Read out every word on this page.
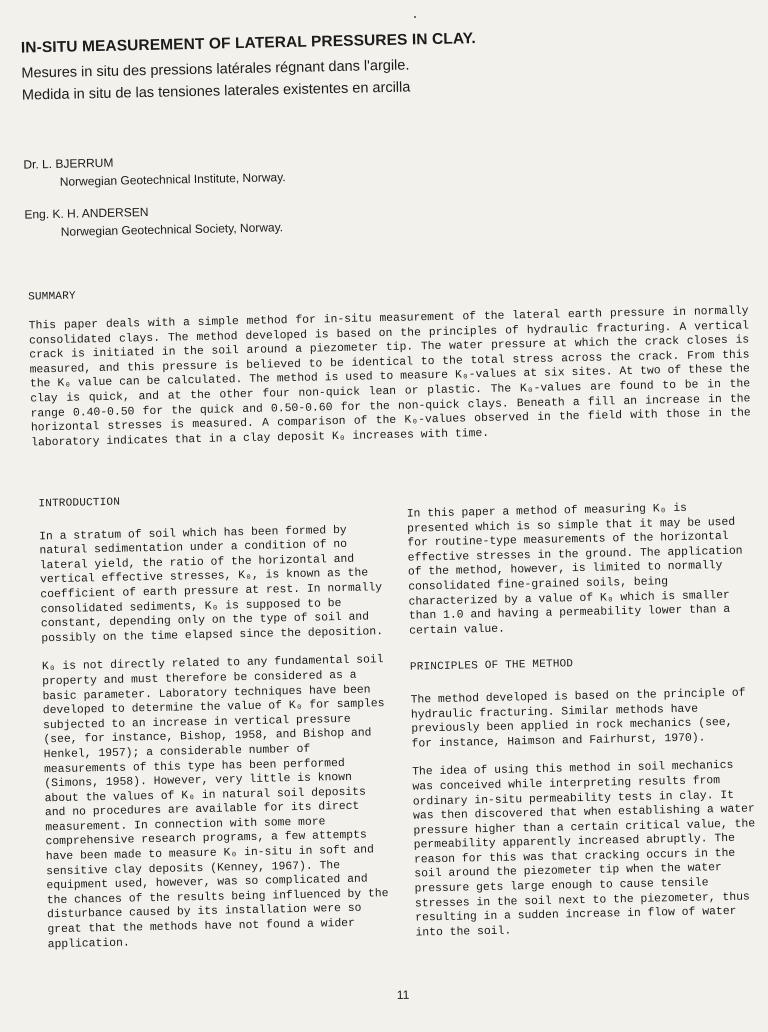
IN-SITU MEASUREMENT OF LATERAL PRESSURES IN CLAY.
Mesures in situ des pressions latérales régnant dans l'argile.
Medida in situ de las tensiones laterales existentes en arcilla
Dr. L. BJERRUM
Norwegian Geotechnical Institute, Norway.
Eng. K. H. ANDERSEN
Norwegian Geotechnical Society, Norway.
SUMMARY

This paper deals with a simple method for in-situ measurement of the lateral earth pressure in normally consolidated clays. The method developed is based on the principles of hydraulic fracturing. A vertical crack is initiated in the soil around a piezometer tip. The water pressure at which the crack closes is measured, and this pressure is believed to be identical to the total stress across the crack. From this the K₀ value can be calculated. The method is used to measure K₀-values at six sites. At two of these the clay is quick, and at the other four non-quick lean or plastic. The K₀-values are found to be in the range 0.40-0.50 for the quick and 0.50-0.60 for the non-quick clays. Beneath a fill an increase in the horizontal stresses is measured. A comparison of the K₀-values observed in the field with those in the laboratory indicates that in a clay deposit K₀ increases with time.

INTRODUCTION

In a stratum of soil which has been formed by natural sedimentation under a condition of no lateral yield, the ratio of the horizontal and vertical effective stresses, K₀, is known as the coefficient of earth pressure at rest. In normally consolidated sediments, K₀ is supposed to be constant, depending only on the type of soil and possibly on the time elapsed since the deposition.

K₀ is not directly related to any fundamental soil property and must therefore be considered as a basic parameter. Laboratory techniques have been developed to determine the value of K₀ for samples subjected to an increase in vertical pressure (see, for instance, Bishop, 1958, and Bishop and Henkel, 1957); a considerable number of measurements of this type has been performed (Simons, 1958). However, very little is known about the values of K₀ in natural soil deposits and no procedures are available for its direct measurement. In connection with some more comprehensive research programs, a few attempts have been made to measure K₀ in-situ in soft and sensitive clay deposits (Kenney, 1967). The equipment used, however, was so complicated and the chances of the results being influenced by the disturbance caused by its installation were so great that the methods have not found a wider application.

In this paper a method of measuring K₀ is presented which is so simple that it may be used for routine-type measurements of the horizontal effective stresses in the ground. The application of the method, however, is limited to normally consolidated fine-grained soils, being characterized by a value of K₀ which is smaller than 1.0 and having a permeability lower than a certain value.

PRINCIPLES OF THE METHOD

The method developed is based on the principle of hydraulic fracturing. Similar methods have previously been applied in rock mechanics (see, for instance, Haimson and Fairhurst, 1970).

The idea of using this method in soil mechanics was conceived while interpreting results from ordinary in-situ permeability tests in clay. It was then discovered that when establishing a water pressure higher than a certain critical value, the permeability apparently increased abruptly. The reason for this was that cracking occurs in the soil around the piezometer tip when the water pressure gets large enough to cause tensile stresses in the soil next to the piezometer, thus resulting in a sudden increase in flow of water into the soil.

11
